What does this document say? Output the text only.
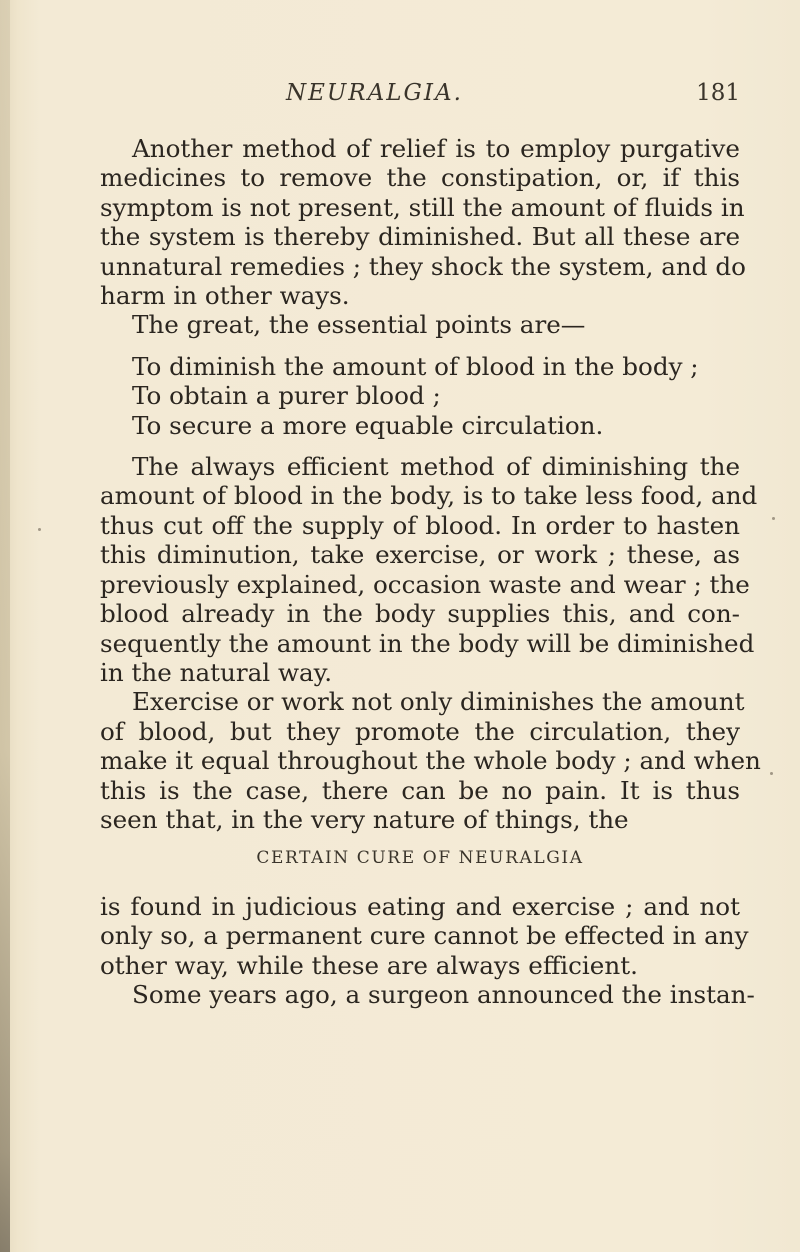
NEURALGIA.	181
Another method of relief is to employ purgative
medicines to remove the constipation, or, if this
symptom is not present, still the amount of fluids in
the system is thereby diminished. But all these are
unnatural remedies ; they shock the system, and do
harm in other ways.
The great, the essential points are—
To diminish the amount of blood in the body ;
To obtain a purer blood ;
To secure a more equable circulation.
The always efficient method of diminishing the
amount of blood in the body, is to take less food, and
thus cut off the supply of blood. In order to hasten
this diminution, take exercise, or work ; these, as
previously explained, occasion waste and wear ; the
blood already in the body supplies this, and con-
sequently the amount in the body will be diminished
in the natural way.
Exercise or work not only diminishes the amount
of blood, but they promote the circulation, they
make it equal throughout the whole body ; and when
this is the case, there can be no pain. It is thus
seen that, in the very nature of things, the
CERTAIN CURE OF NEURALGIA
is found in judicious eating and exercise ; and not
only so, a permanent cure cannot be effected in any
other way, while these are always efficient.
Some years ago, a surgeon announced the instan-
